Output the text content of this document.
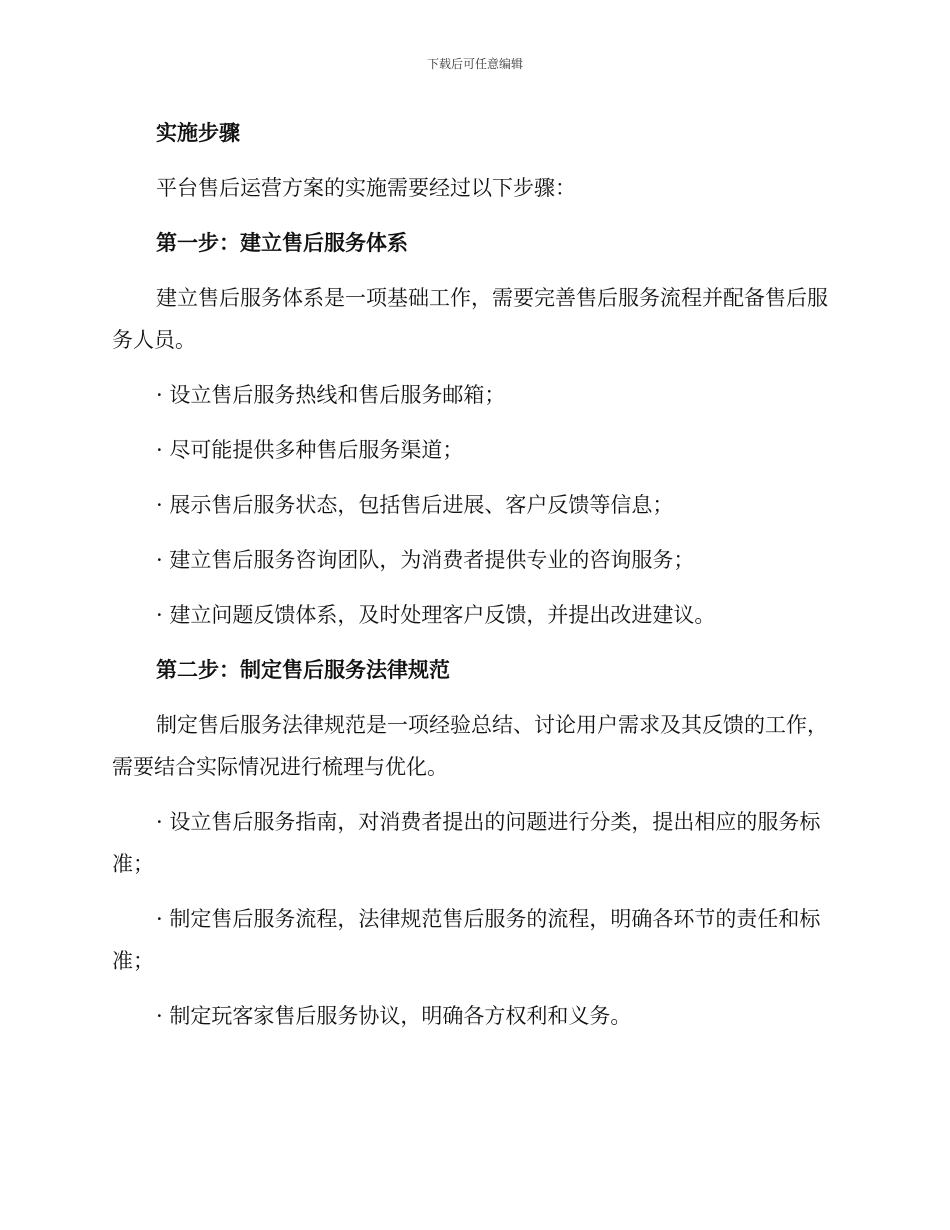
下载后可任意编辑

实施步骤

平台售后运营方案的实施需要经过以下步骤：

第一步：建立售后服务体系

建立售后服务体系是一项基础工作，需要完善售后服务流程并配备售后服务人员。

· 设立售后服务热线和售后服务邮箱；

· 尽可能提供多种售后服务渠道；

· 展示售后服务状态，包括售后进展、客户反馈等信息；

· 建立售后服务咨询团队，为消费者提供专业的咨询服务；

· 建立问题反馈体系，及时处理客户反馈，并提出改进建议。

第二步：制定售后服务法律规范

制定售后服务法律规范是一项经验总结、讨论用户需求及其反馈的工作，需要结合实际情况进行梳理与优化。

· 设立售后服务指南，对消费者提出的问题进行分类，提出相应的服务标准；

· 制定售后服务流程，法律规范售后服务的流程，明确各环节的责任和标准；

· 制定玩客家售后服务协议，明确各方权利和义务。
